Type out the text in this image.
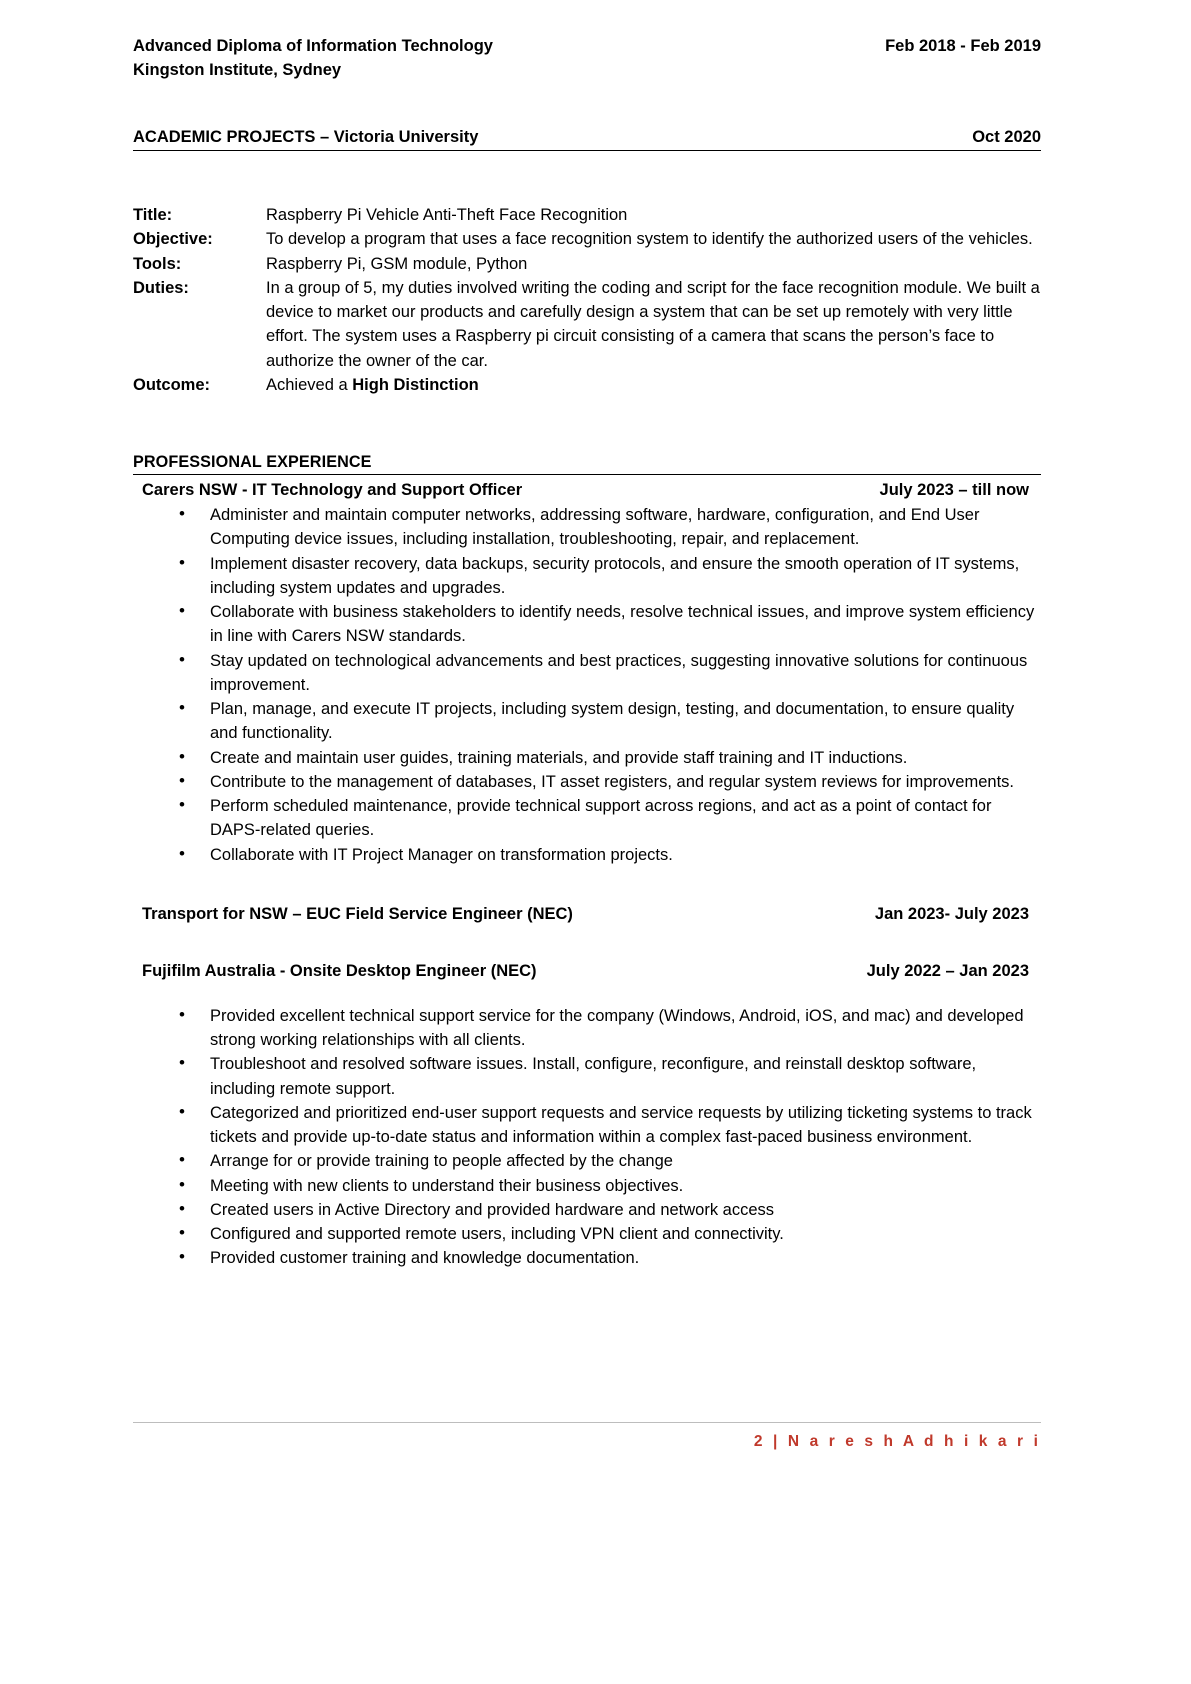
Advanced Diploma of Information Technology	Feb 2018 - Feb 2019
Kingston Institute, Sydney
ACADEMIC PROJECTS – Victoria University	Oct 2020
Title:	Raspberry Pi Vehicle Anti-Theft Face Recognition
Objective:	To develop a program that uses a face recognition system to identify the authorized users of the vehicles.
Tools:	Raspberry Pi, GSM module, Python
Duties:	In a group of 5, my duties involved writing the coding and script for the face recognition module. We built a device to market our products and carefully design a system that can be set up remotely with very little effort. The system uses a Raspberry pi circuit consisting of a camera that scans the person’s face to authorize the owner of the car.
Outcome:	Achieved a High Distinction
PROFESSIONAL EXPERIENCE
Carers NSW - IT Technology and Support Officer	July 2023 – till now
• Administer and maintain computer networks, addressing software, hardware, configuration, and End User Computing device issues, including installation, troubleshooting, repair, and replacement.
• Implement disaster recovery, data backups, security protocols, and ensure the smooth operation of IT systems, including system updates and upgrades.
• Collaborate with business stakeholders to identify needs, resolve technical issues, and improve system efficiency in line with Carers NSW standards.
• Stay updated on technological advancements and best practices, suggesting innovative solutions for continuous improvement.
• Plan, manage, and execute IT projects, including system design, testing, and documentation, to ensure quality and functionality.
• Create and maintain user guides, training materials, and provide staff training and IT inductions.
• Contribute to the management of databases, IT asset registers, and regular system reviews for improvements.
• Perform scheduled maintenance, provide technical support across regions, and act as a point of contact for DAPS-related queries.
• Collaborate with IT Project Manager on transformation projects.
Transport for NSW – EUC Field Service Engineer (NEC)	Jan 2023- July 2023
Fujifilm Australia - Onsite Desktop Engineer (NEC)	July 2022 – Jan 2023
• Provided excellent technical support service for the company (Windows, Android, iOS, and mac) and developed strong working relationships with all clients.
• Troubleshoot and resolved software issues. Install, configure, reconfigure, and reinstall desktop software, including remote support.
• Categorized and prioritized end-user support requests and service requests by utilizing ticketing systems to track tickets and provide up-to-date status and information within a complex fast-paced business environment.
• Arrange for or provide training to people affected by the change
• Meeting with new clients to understand their business objectives.
• Created users in Active Directory and provided hardware and network access
• Configured and supported remote users, including VPN client and connectivity.
• Provided customer training and knowledge documentation.
2 | N a r e s h A d h i k a r i
